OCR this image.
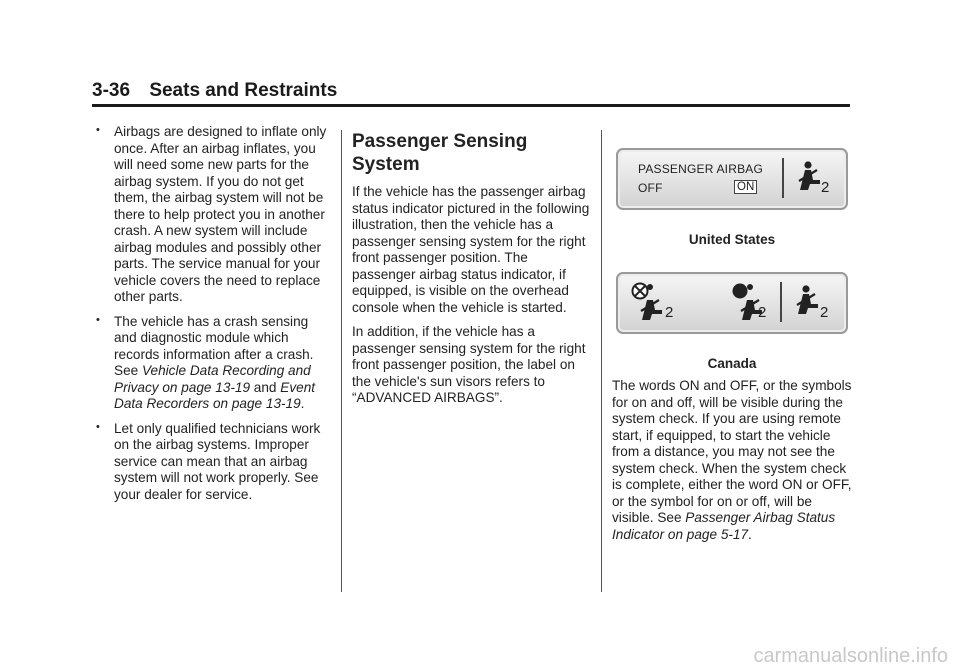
3-36 Seats and Restraints
• Airbags are designed to inflate only once. After an airbag inflates, you will need some new parts for the airbag system. If you do not get them, the airbag system will not be there to help protect you in another crash. A new system will include airbag modules and possibly other parts. The service manual for your vehicle covers the need to replace other parts.
• The vehicle has a crash sensing and diagnostic module which records information after a crash. See Vehicle Data Recording and Privacy on page 13-19 and Event Data Recorders on page 13-19.
• Let only qualified technicians work on the airbag systems. Improper service can mean that an airbag system will not work properly. See your dealer for service.
Passenger Sensing System

If the vehicle has the passenger airbag status indicator pictured in the following illustration, then the vehicle has a passenger sensing system for the right front passenger position. The passenger airbag status indicator, if equipped, is visible on the overhead console when the vehicle is started.

In addition, if the vehicle has a passenger sensing system for the right front passenger position, the label on the vehicle's sun visors refers to “ADVANCED AIRBAGS”.

PASSENGER AIRBAG
OFF	ON	2
United States
2	2	2
Canada

The words ON and OFF, or the symbols for on and off, will be visible during the system check. If you are using remote start, if equipped, to start the vehicle from a distance, you may not see the system check. When the system check is complete, either the word ON or OFF, or the symbol for on or off, will be visible. See Passenger Airbag Status Indicator on page 5-17.

carmanualsonline.info
